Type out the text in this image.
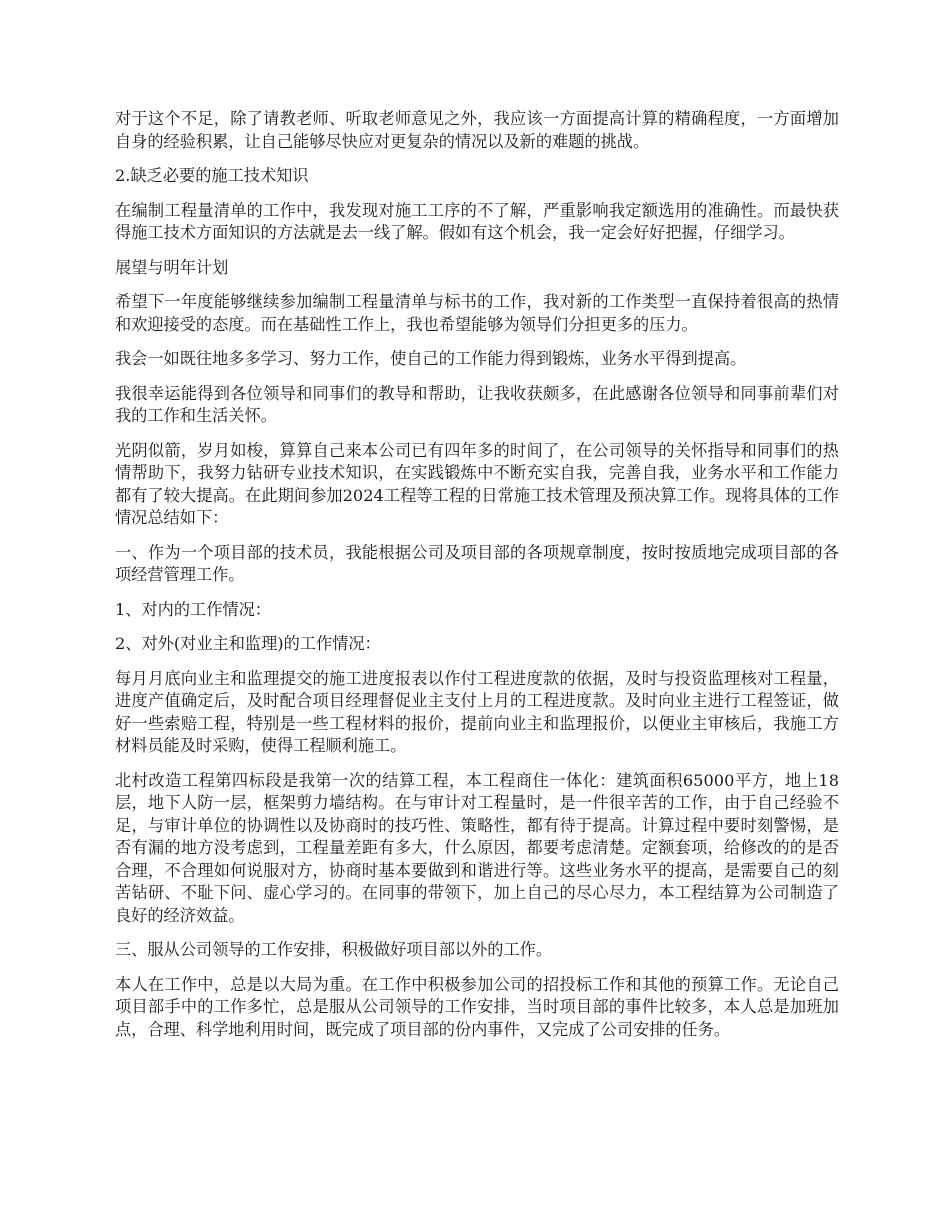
对于这个不足，除了请教老师、听取老师意见之外，我应该一方面提高计算的精确程度，一方面增加自身的经验积累，让自己能够尽快应对更复杂的情况以及新的难题的挑战。

2.缺乏必要的施工技术知识

在编制工程量清单的工作中，我发现对施工工序的不了解，严重影响我定额选用的准确性。而最快获得施工技术方面知识的方法就是去一线了解。假如有这个机会，我一定会好好把握，仔细学习。

展望与明年计划

希望下一年度能够继续参加编制工程量清单与标书的工作，我对新的工作类型一直保持着很高的热情和欢迎接受的态度。而在基础性工作上，我也希望能够为领导们分担更多的压力。

我会一如既往地多多学习、努力工作，使自己的工作能力得到锻炼，业务水平得到提高。

我很幸运能得到各位领导和同事们的教导和帮助，让我收获颇多，在此感谢各位领导和同事前辈们对我的工作和生活关怀。

光阴似箭，岁月如梭，算算自己来本公司已有四年多的时间了，在公司领导的关怀指导和同事们的热情帮助下，我努力钻研专业技术知识，在实践锻炼中不断充实自我，完善自我，业务水平和工作能力都有了较大提高。在此期间参加2024工程等工程的日常施工技术管理及预决算工作。现将具体的工作情况总结如下：

一、作为一个项目部的技术员，我能根据公司及项目部的各项规章制度，按时按质地完成项目部的各项经营管理工作。

1、对内的工作情况：

2、对外(对业主和监理)的工作情况：

每月月底向业主和监理提交的施工进度报表以作付工程进度款的依据，及时与投资监理核对工程量，进度产值确定后，及时配合项目经理督促业主支付上月的工程进度款。及时向业主进行工程签证，做好一些索赔工程，特别是一些工程材料的报价，提前向业主和监理报价，以便业主审核后，我施工方材料员能及时采购，使得工程顺利施工。

北村改造工程第四标段是我第一次的结算工程，本工程商住一体化：建筑面积65000平方，地上18层，地下人防一层，框架剪力墙结构。在与审计对工程量时，是一件很辛苦的工作，由于自己经验不足，与审计单位的协调性以及协商时的技巧性、策略性，都有待于提高。计算过程中要时刻警惕，是否有漏的地方没考虑到，工程量差距有多大，什么原因，都要考虑清楚。定额套项，给修改的的是否合理，不合理如何说服对方，协商时基本要做到和谐进行等。这些业务水平的提高，是需要自己的刻苦钻研、不耻下问、虚心学习的。在同事的带领下，加上自己的尽心尽力，本工程结算为公司制造了良好的经济效益。

三、服从公司领导的工作安排，积极做好项目部以外的工作。

本人在工作中，总是以大局为重。在工作中积极参加公司的招投标工作和其他的预算工作。无论自己项目部手中的工作多忙，总是服从公司领导的工作安排，当时项目部的事件比较多，本人总是加班加点，合理、科学地利用时间，既完成了项目部的份内事件，又完成了公司安排的任务。
